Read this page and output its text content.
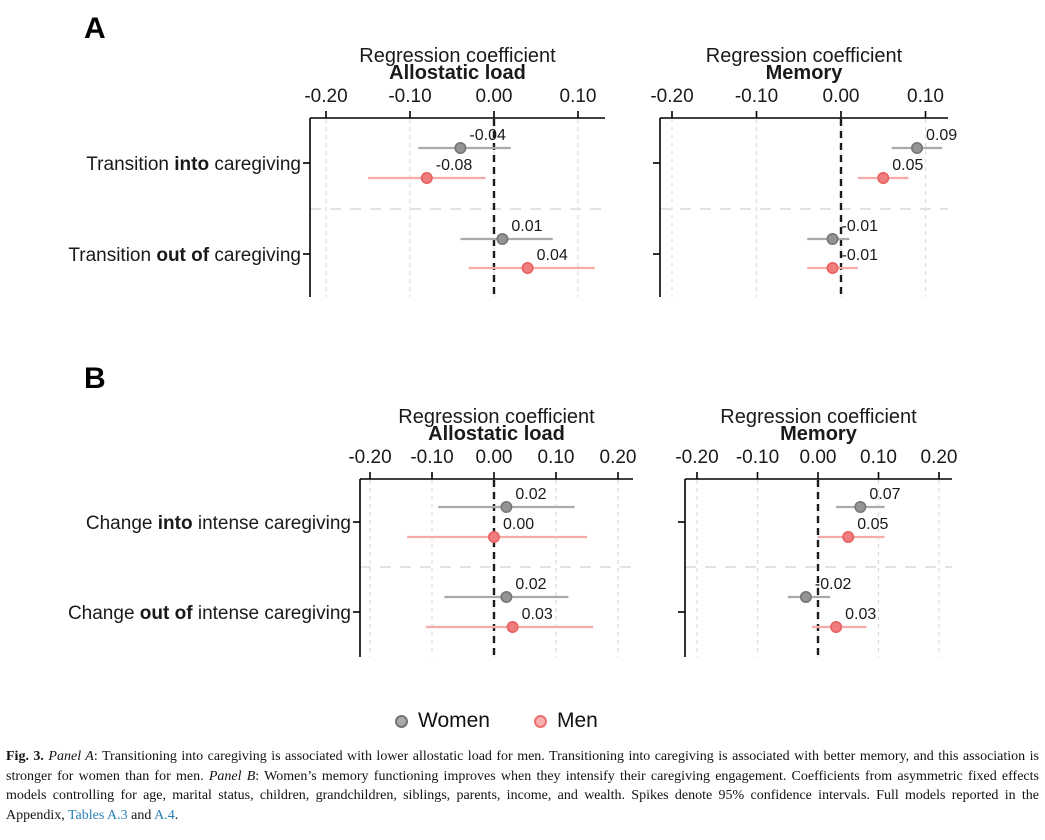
-0.20 -0.10 0.00 0.10
Regression coefficient
Allostatic load
Transition into caregiving
Transition out of caregiving
-0.04
-0.08
0.01
0.04
-0.20 -0.10 0.00	0.10
Regression coefficient
Memory
0.09
0.05
-0.01
-0.01
-0.20 -0.10 0.00 0.10 0.20
Regression coefficient
Allostatic load
Change into intense caregiving
Change out of intense caregiving
0.02
0.00
0.02
0.03
-0.20 -0.10 0.00 0.10 0.20
Regression coefficient
Memory
0.07
0.05
-0.02
0.03
A
B
Women	Men

Fig. 3. Panel A: Transitioning into caregiving is associated with lower allostatic load for men. Transitioning into caregiving is associated with better memory, and this association is stronger for women than for men. Panel B: Women’s memory functioning improves when they intensify their caregiving engagement. Coefficients from asymmetric fixed effects models controlling for age, marital status, children, grandchildren, siblings, parents, income, and wealth. Spikes denote 95% confidence intervals. Full models reported in the Appendix, Tables A.3 and A.4.
